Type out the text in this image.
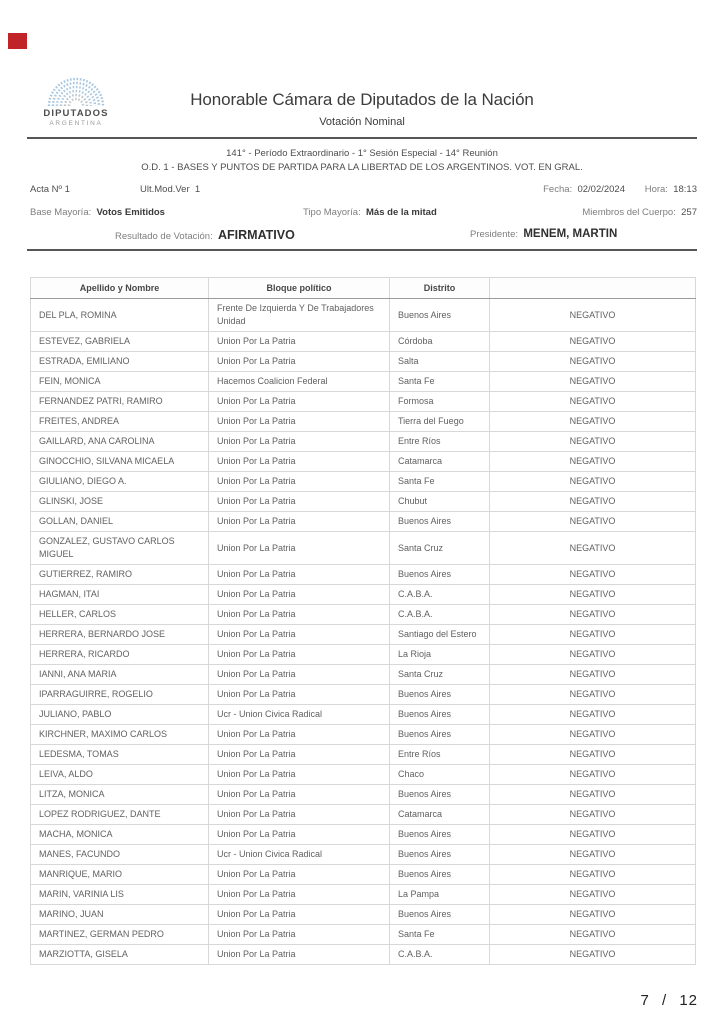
DIPUTADOS
ARGENTINA
Honorable Cámara de Diputados de la Nación
Votación Nominal
141° - Período Extraordinario - 1° Sesión Especial - 14° Reunión
O.D. 1 - BASES Y PUNTOS DE PARTIDA PARA LA LIBERTAD DE LOS ARGENTINOS. VOT. EN GRAL.
Acta Nº 1	Ult.Mod.Ver 1	Fecha: 02/02/2024 Hora: 18:13
Base Mayoría: Votos Emitidos	Tipo Mayoría: Más de la mitad	Miembros del Cuerpo: 257
Resultado de Votación: AFIRMATIVO	Presidente: MENEM, MARTIN
Apellido y Nombre	Bloque político	Distrito	
DEL PLA, ROMINA	Frente De Izquierda Y De Trabajadores Unidad	Buenos Aires	NEGATIVO
ESTEVEZ, GABRIELA	Union Por La Patria	Córdoba	NEGATIVO
ESTRADA, EMILIANO	Union Por La Patria	Salta	NEGATIVO
FEIN, MONICA	Hacemos Coalicion Federal	Santa Fe	NEGATIVO
FERNANDEZ PATRI, RAMIRO	Union Por La Patria	Formosa	NEGATIVO
FREITES, ANDREA	Union Por La Patria	Tierra del Fuego	NEGATIVO
GAILLARD, ANA CAROLINA	Union Por La Patria	Entre Ríos	NEGATIVO
GINOCCHIO, SILVANA MICAELA	Union Por La Patria	Catamarca	NEGATIVO
GIULIANO, DIEGO A.	Union Por La Patria	Santa Fe	NEGATIVO
GLINSKI, JOSE	Union Por La Patria	Chubut	NEGATIVO
GOLLAN, DANIEL	Union Por La Patria	Buenos Aires	NEGATIVO
GONZALEZ, GUSTAVO CARLOS MIGUEL	Union Por La Patria	Santa Cruz	NEGATIVO
GUTIERREZ, RAMIRO	Union Por La Patria	Buenos Aires	NEGATIVO
HAGMAN, ITAI	Union Por La Patria	C.A.B.A.	NEGATIVO
HELLER, CARLOS	Union Por La Patria	C.A.B.A.	NEGATIVO
HERRERA, BERNARDO JOSE	Union Por La Patria	Santiago del Estero	NEGATIVO
HERRERA, RICARDO	Union Por La Patria	La Rioja	NEGATIVO
IANNI, ANA MARIA	Union Por La Patria	Santa Cruz	NEGATIVO
IPARRAGUIRRE, ROGELIO	Union Por La Patria	Buenos Aires	NEGATIVO
JULIANO, PABLO	Ucr - Union Civica Radical	Buenos Aires	NEGATIVO
KIRCHNER, MAXIMO CARLOS	Union Por La Patria	Buenos Aires	NEGATIVO
LEDESMA, TOMAS	Union Por La Patria	Entre Ríos	NEGATIVO
LEIVA, ALDO	Union Por La Patria	Chaco	NEGATIVO
LITZA, MONICA	Union Por La Patria	Buenos Aires	NEGATIVO
LOPEZ RODRIGUEZ, DANTE	Union Por La Patria	Catamarca	NEGATIVO
MACHA, MONICA	Union Por La Patria	Buenos Aires	NEGATIVO
MANES, FACUNDO	Ucr - Union Civica Radical	Buenos Aires	NEGATIVO
MANRIQUE, MARIO	Union Por La Patria	Buenos Aires	NEGATIVO
MARIN, VARINIA LIS	Union Por La Patria	La Pampa	NEGATIVO
MARINO, JUAN	Union Por La Patria	Buenos Aires	NEGATIVO
MARTINEZ, GERMAN PEDRO	Union Por La Patria	Santa Fe	NEGATIVO
MARZIOTTA, GISELA	Union Por La Patria	C.A.B.A.	NEGATIVO
7 / 12
